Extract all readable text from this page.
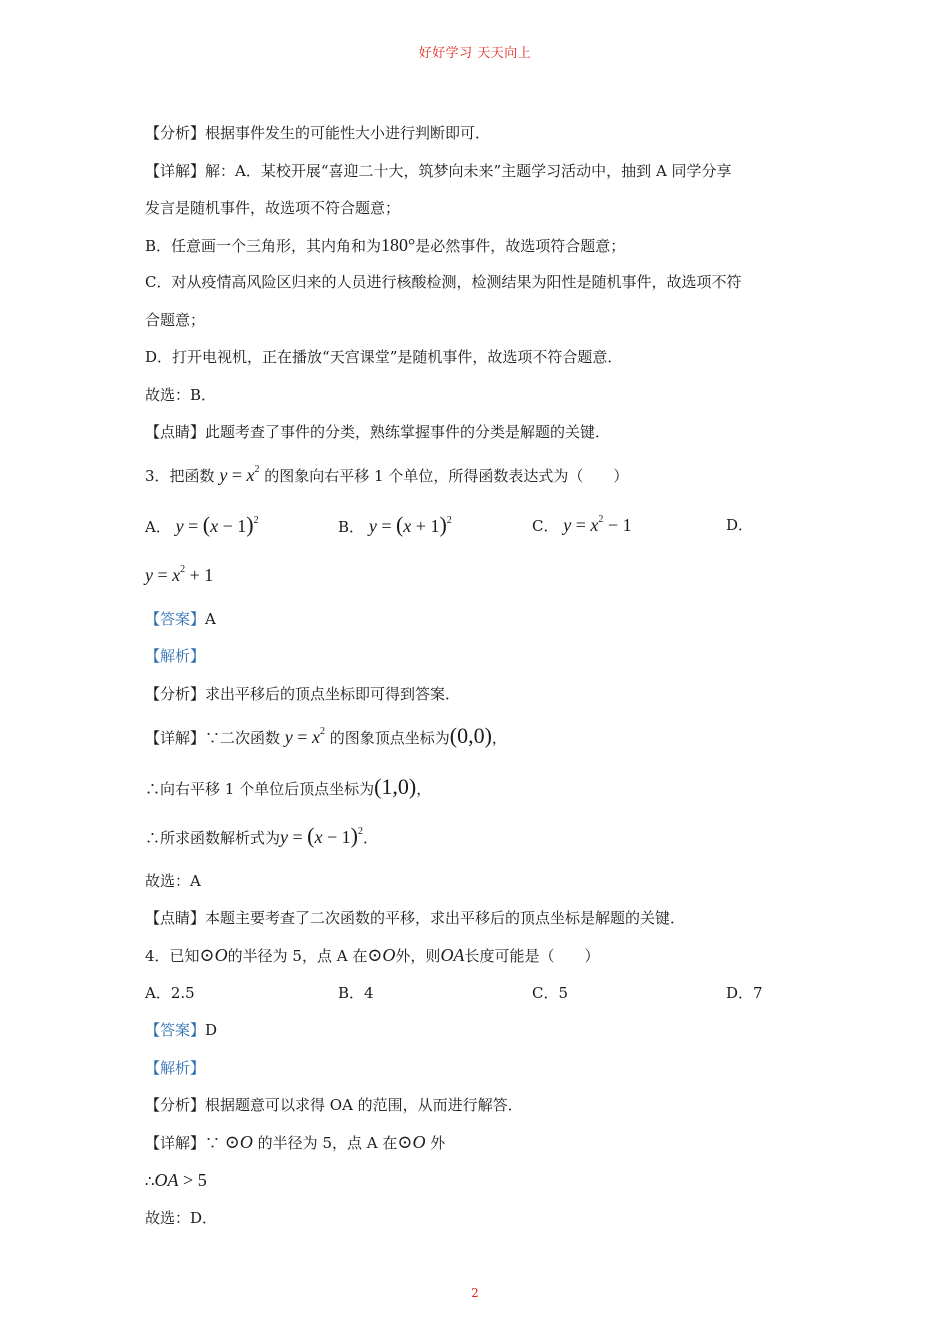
好好学习 天天向上
【分析】根据事件发生的可能性大小进行判断即可．
【详解】解：A．某校开展“喜迎二十大，筑梦向未来”主题学习活动中，抽到 A 同学分享
发言是随机事件，故选项不符合题意；
B．任意画一个三角形，其内角和为180°是必然事件，故选项符合题意；
C．对从疫情高风险区归来的人员进行核酸检测，检测结果为阳性是随机事件，故选项不符
合题意；
D．打开电视机，正在播放“天宫课堂”是随机事件，故选项不符合题意．
故选：B．
【点睛】此题考查了事件的分类，熟练掌握事件的分类是解题的关键．
3．把函数 $y = x^2$ 的图象向右平移 1 个单位，所得函数表达式为（　　）
A． $y = (x - 1)^2$	B． $y = (x + 1)^2$	C． $y = x^2 - 1$	D．
$y = x^2 + 1$
【答案】A
【解析】
【分析】求出平移后的顶点坐标即可得到答案．
【详解】∵二次函数 $y = x^2$ 的图象顶点坐标为(0,0)，
∴向右平移 1 个单位后顶点坐标为(1,0)，
∴所求函数解析式为$y = (x - 1)^2$．
故选：A
【点睛】本题主要考查了二次函数的平移，求出平移后的顶点坐标是解题的关键．
4．已知⊙O的半径为 5，点 A 在⊙O外，则OA长度可能是（　　）
A．2.5	B．4	C．5	D．7
【答案】D
【解析】
【分析】根据题意可以求得 OA 的范围，从而进行解答．
【详解】∵ ⊙O 的半径为 5，点 A 在⊙O 外
∴OA > 5
故选：D．
2
